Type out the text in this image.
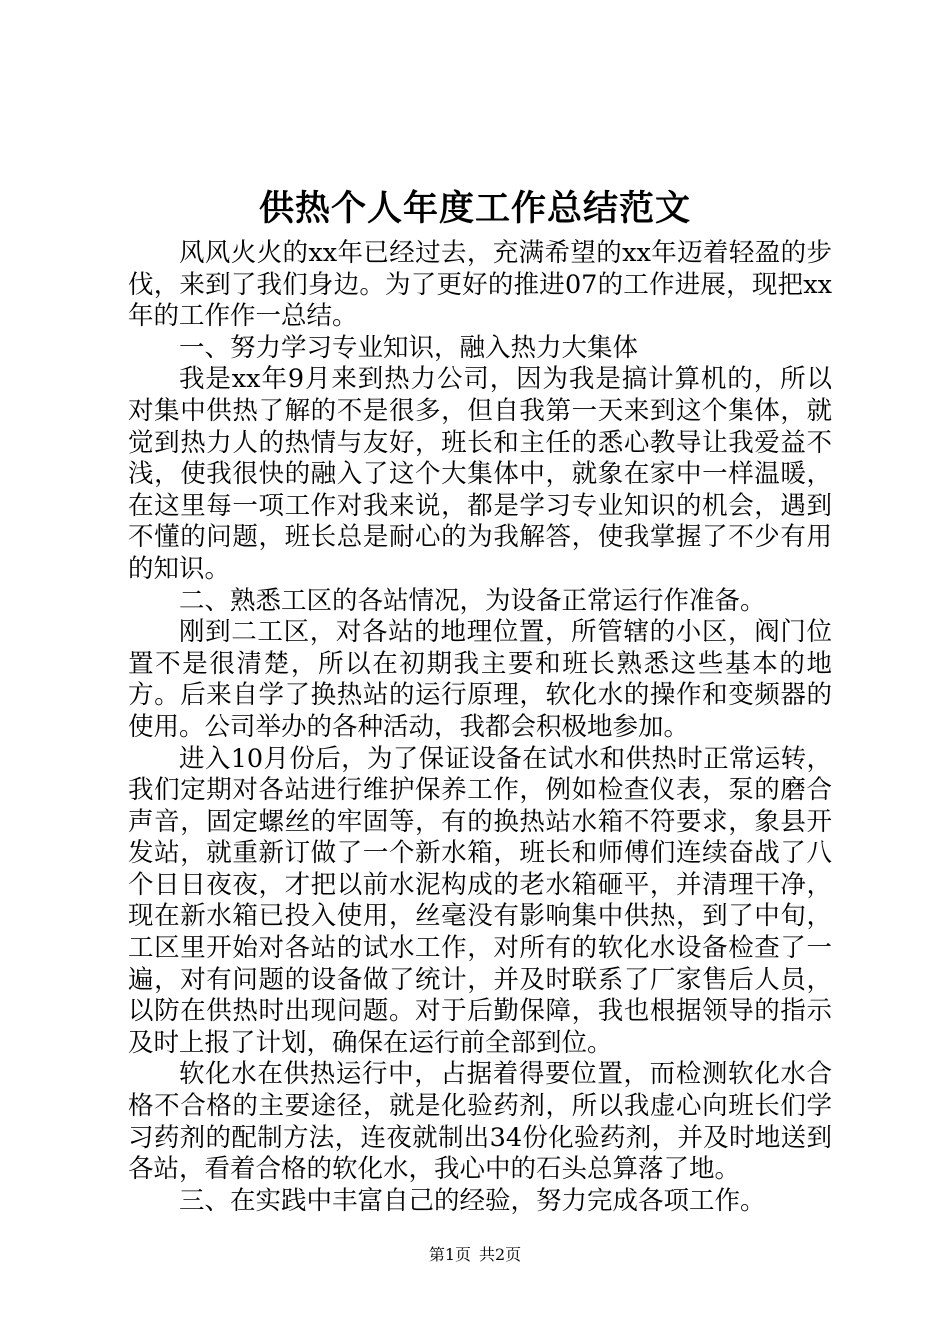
供热个人年度工作总结范文

风风火火的xx年已经过去，充满希望的xx年迈着轻盈的步伐，来到了我们身边。为了更好的推进07的工作进展，现把xx年的工作作一总结。

一、努力学习专业知识，融入热力大集体

我是xx年9月来到热力公司，因为我是搞计算机的，所以对集中供热了解的不是很多，但自我第一天来到这个集体，就觉到热力人的热情与友好，班长和主任的悉心教导让我爱益不浅，使我很快的融入了这个大集体中，就象在家中一样温暖，在这里每一项工作对我来说，都是学习专业知识的机会，遇到不懂的问题，班长总是耐心的为我解答，使我掌握了不少有用的知识。

二、熟悉工区的各站情况，为设备正常运行作准备。

刚到二工区，对各站的地理位置，所管辖的小区，阀门位置不是很清楚，所以在初期我主要和班长熟悉这些基本的地方。后来自学了换热站的运行原理，软化水的操作和变频器的使用。公司举办的各种活动，我都会积极地参加。

进入10月份后，为了保证设备在试水和供热时正常运转，我们定期对各站进行维护保养工作，例如检查仪表，泵的磨合声音，固定螺丝的牢固等，有的换热站水箱不符要求，象县开发站，就重新订做了一个新水箱，班长和师傅们连续奋战了八个日日夜夜，才把以前水泥构成的老水箱砸平，并清理干净，现在新水箱已投入使用，丝毫没有影响集中供热，到了中旬，工区里开始对各站的试水工作，对所有的软化水设备检查了一遍，对有问题的设备做了统计，并及时联系了厂家售后人员，以防在供热时出现问题。对于后勤保障，我也根据领导的指示及时上报了计划，确保在运行前全部到位。

软化水在供热运行中，占据着得要位置，而检测软化水合格不合格的主要途径，就是化验药剂，所以我虚心向班长们学习药剂的配制方法，连夜就制出34份化验药剂，并及时地送到各站，看着合格的软化水，我心中的石头总算落了地。

三、在实践中丰富自己的经验，努力完成各项工作。

第1页 共2页
